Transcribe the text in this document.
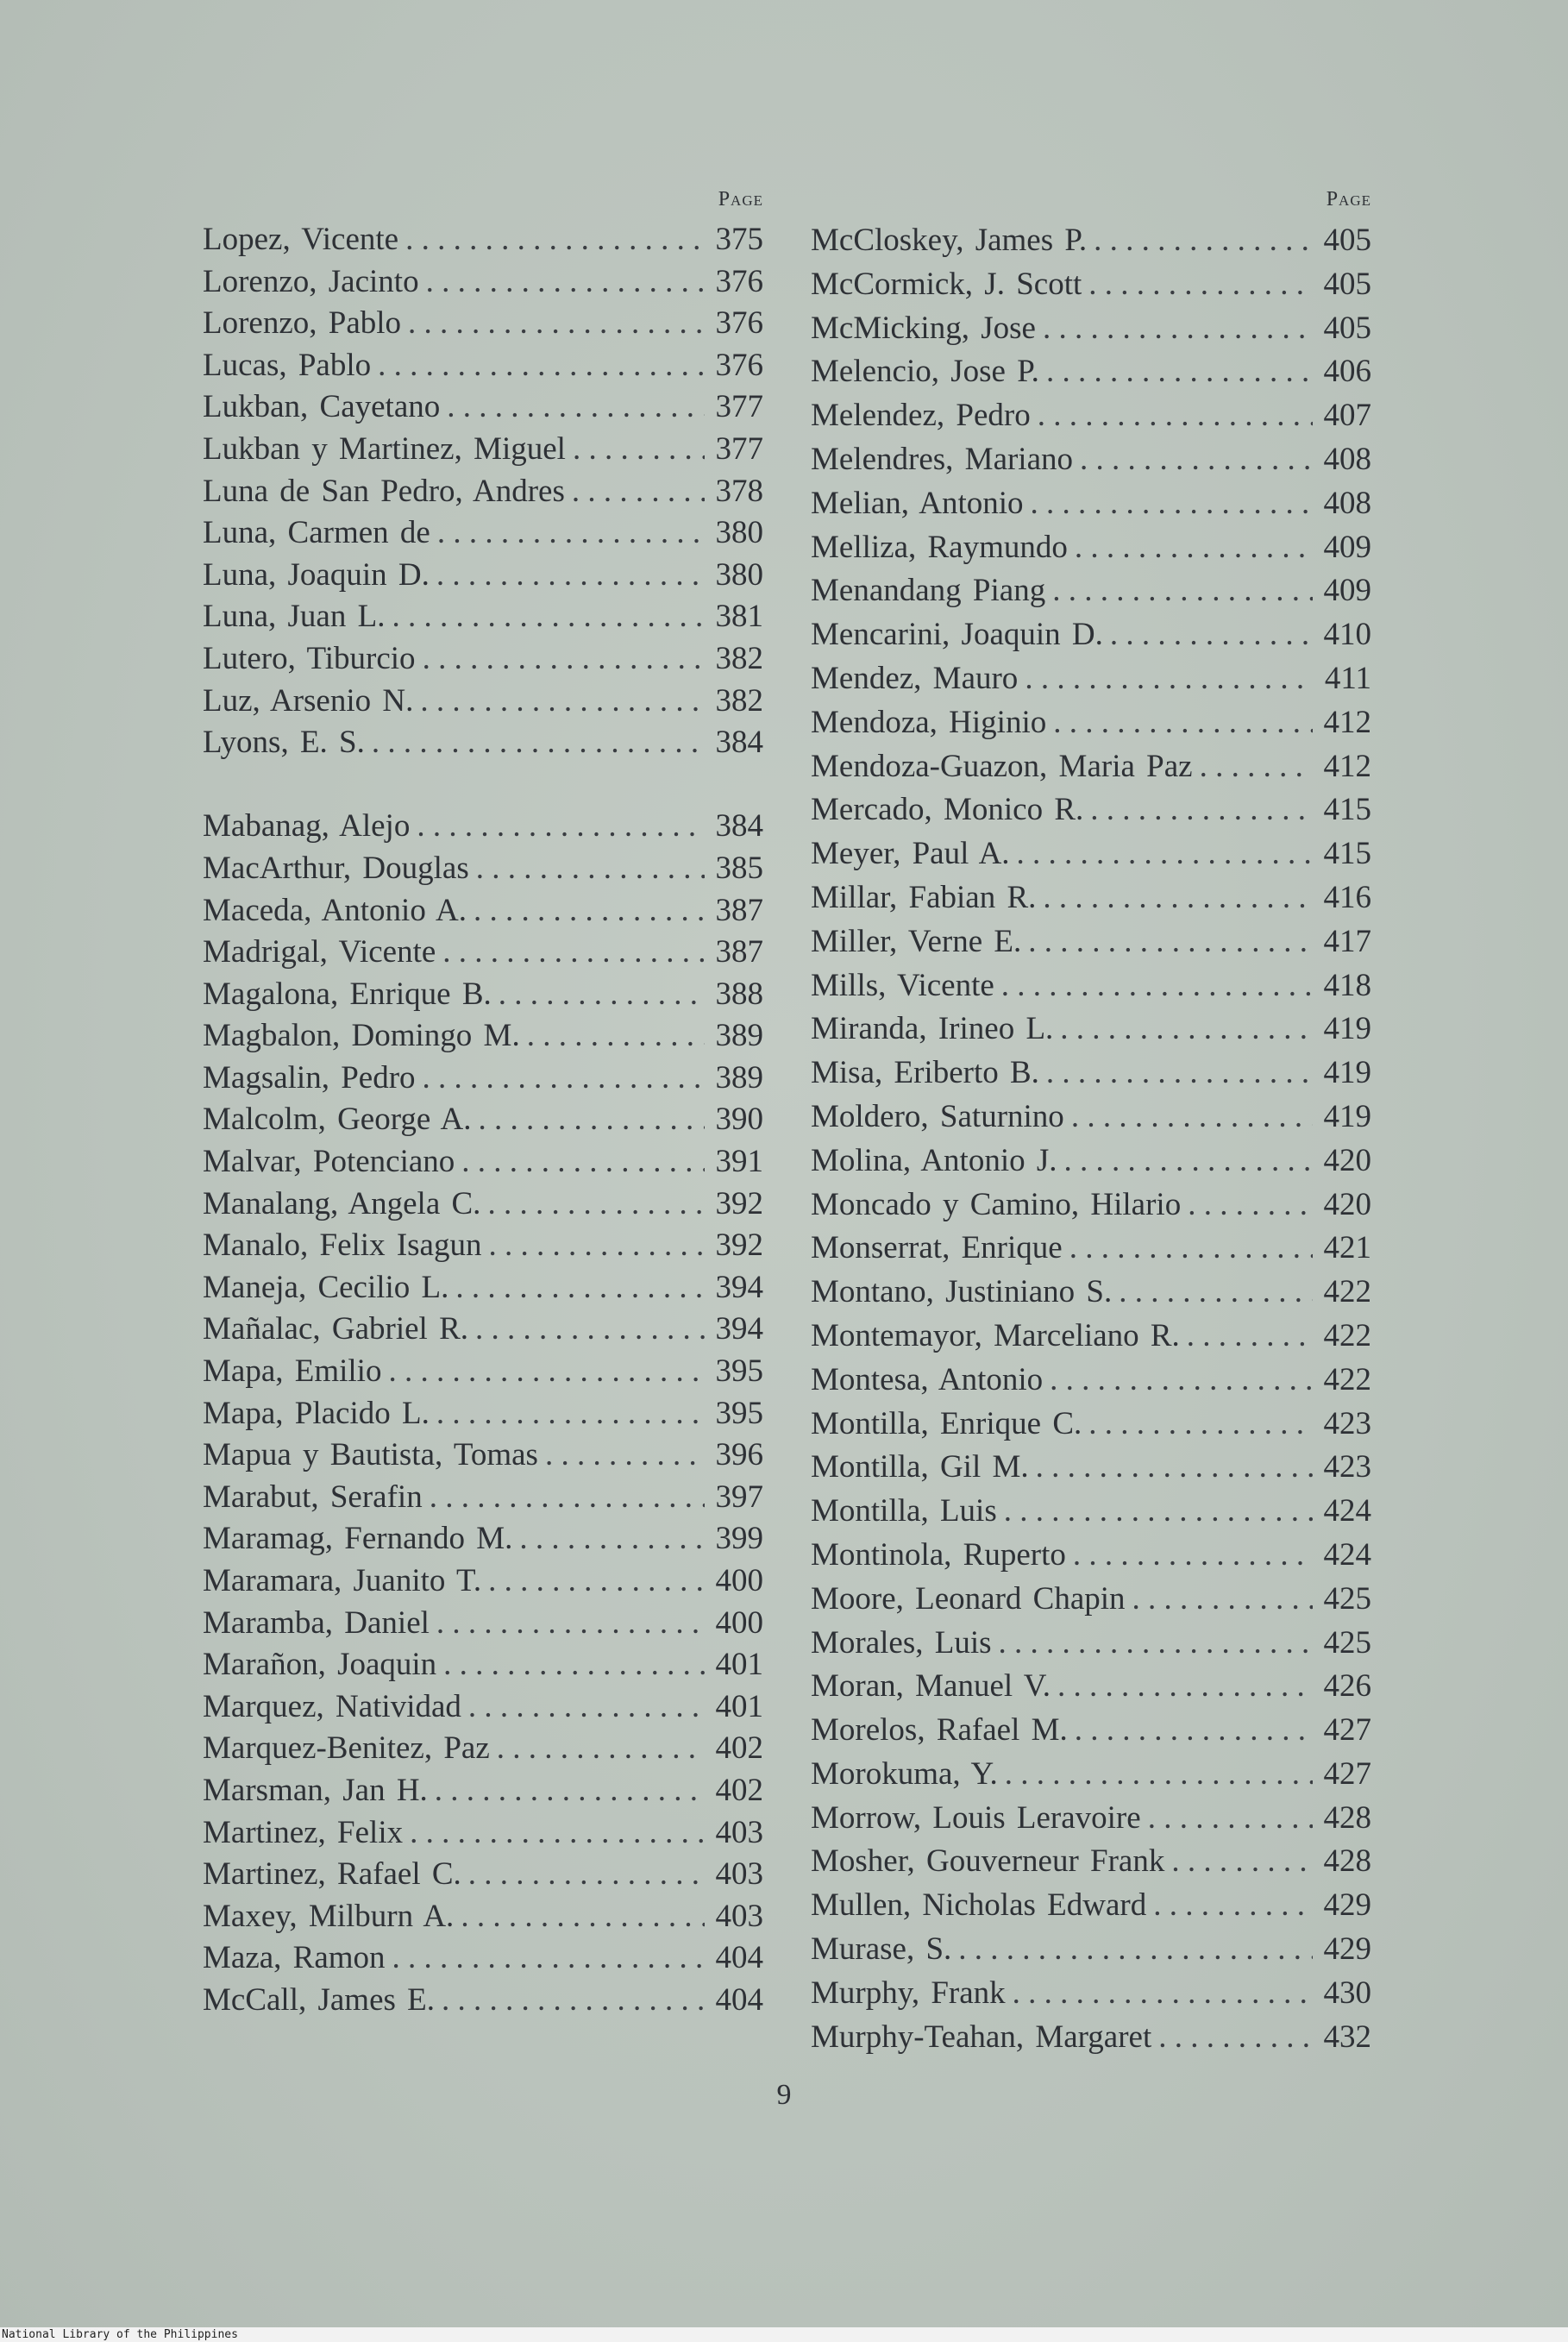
Page
Lopez, Vicente . . .	375
Lorenzo, Jacinto . . .	376
Lorenzo, Pablo . . .	376
Lucas, Pablo . . .	376
Lukban, Cayetano . . .	377
Lukban y Martinez, Miguel . . .	377
Luna de San Pedro, Andres . . .	378
Luna, Carmen de . . .	380
Luna, Joaquin D. . . .	380
Luna, Juan L. . . .	381
Lutero, Tiburcio . . .	382
Luz, Arsenio N. . . .	382
Lyons, E. S. . . .	384
Mabanag, Alejo . . .	384
MacArthur, Douglas . . .	385
Maceda, Antonio A. . . .	387
Madrigal, Vicente . . .	387
Magalona, Enrique B. . . .	388
Magbalon, Domingo M. . . .	389
Magsalin, Pedro . . .	389
Malcolm, George A. . . .	390
Malvar, Potenciano . . .	391
Manalang, Angela C. . . .	392
Manalo, Felix Isagun . . .	392
Maneja, Cecilio L. . . .	394
Mañalac, Gabriel R. . . .	394
Mapa, Emilio . . .	395
Mapa, Placido L. . . .	395
Mapua y Bautista, Tomas . . .	396
Marabut, Serafin . . .	397
Maramag, Fernando M. . . .	399
Maramara, Juanito T. . . .	400
Maramba, Daniel . . .	400
Marañon, Joaquin . . .	401
Marquez, Natividad . . .	401
Marquez-Benitez, Paz . . .	402
Marsman, Jan H. . . .	402
Martinez, Felix . . .	403
Martinez, Rafael C. . . .	403
Maxey, Milburn A. . . .	403
Maza, Ramon . . .	404
McCall, James E. . . .	404
Page
McCloskey, James P. . . .	405
McCormick, J. Scott . . .	405
McMicking, Jose . . .	405
Melencio, Jose P. . . .	406
Melendez, Pedro . . .	407
Melendres, Mariano . . .	408
Melian, Antonio . . .	408
Melliza, Raymundo . . .	409
Menandang Piang . . .	409
Mencarini, Joaquin D. . . .	410
Mendez, Mauro . . .	411
Mendoza, Higinio . . .	412
Mendoza-Guazon, Maria Paz . . .	412
Mercado, Monico R. . . .	415
Meyer, Paul A. . . .	415
Millar, Fabian R. . . .	416
Miller, Verne E. . . .	417
Mills, Vicente . . .	418
Miranda, Irineo L. . . .	419
Misa, Eriberto B. . . .	419
Moldero, Saturnino . . .	419
Molina, Antonio J. . . .	420
Moncado y Camino, Hilario . . .	420
Monserrat, Enrique . . .	421
Montano, Justiniano S. . . .	422
Montemayor, Marceliano R. . . .	422
Montesa, Antonio . . .	422
Montilla, Enrique C. . . .	423
Montilla, Gil M. . . .	423
Montilla, Luis . . .	424
Montinola, Ruperto . . .	424
Moore, Leonard Chapin . . .	425
Morales, Luis . . .	425
Moran, Manuel V. . . .	426
Morelos, Rafael M. . . .	427
Morokuma, Y. . . .	427
Morrow, Louis Leravoire . . .	428
Mosher, Gouverneur Frank . . .	428
Mullen, Nicholas Edward . . .	429
Murase, S. . . .	429
Murphy, Frank . . .	430
Murphy-Teahan, Margaret . . .	432
9
National Library of the Philippines
